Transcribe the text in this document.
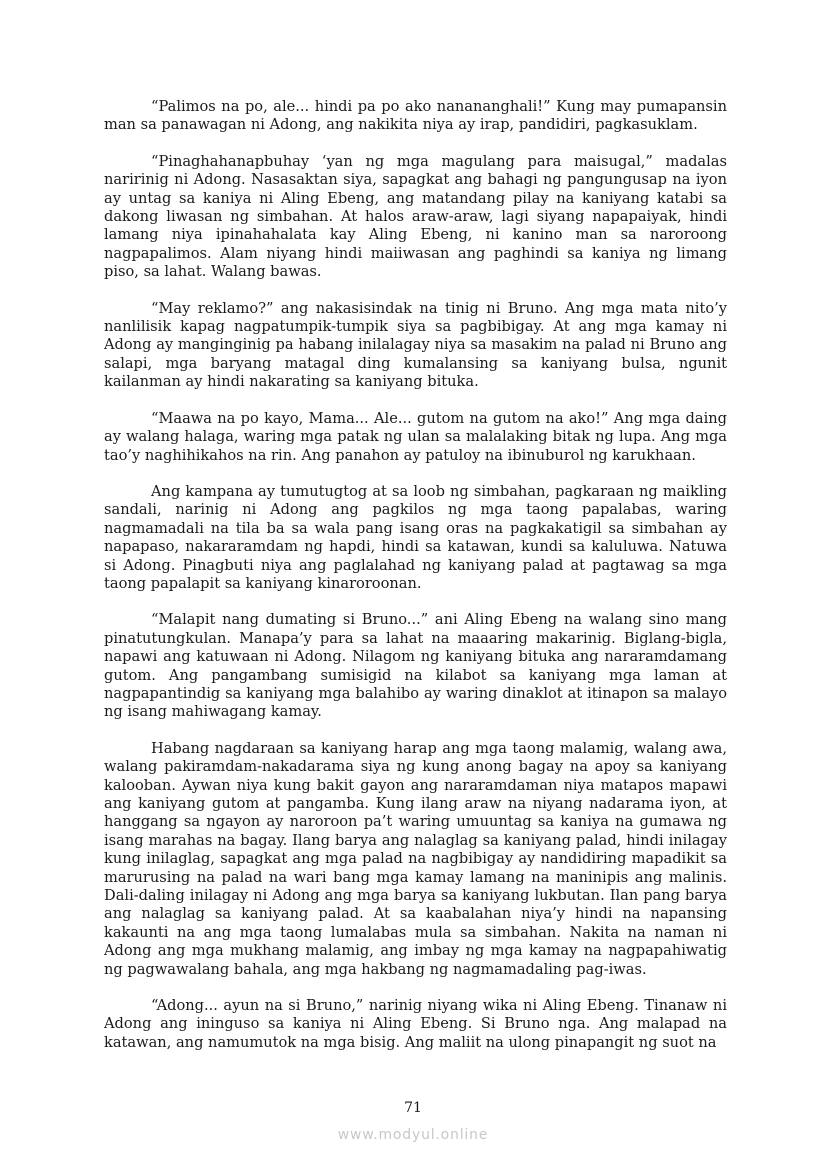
“Palimos na po, ale... hindi pa po ako nanananghali!” Kung may pumapansin man sa panawagan ni Adong, ang nakikita niya ay irap, pandidiri, pagkasuklam.

“Pinaghahanapbuhay ‘yan ng mga magulang para maisugal,” madalas naririnig ni Adong. Nasasaktan siya, sapagkat ang bahagi ng pangungusap na iyon ay untag sa kaniya ni Aling Ebeng, ang matandang pilay na kaniyang katabi sa dakong liwasan ng simbahan. At halos araw-araw, lagi siyang napapaiyak, hindi lamang niya ipinahahalata kay Aling Ebeng, ni kanino man sa naroroong nagpapalimos. Alam niyang hindi maiiwasan ang paghindi sa kaniya ng limang piso, sa lahat. Walang bawas.

“May reklamo?” ang nakasisindak na tinig ni Bruno. Ang mga mata nito’y nanlilisik kapag nagpatumpik-tumpik siya sa pagbibigay. At ang mga kamay ni Adong ay manginginig pa habang inilalagay niya sa masakim na palad ni Bruno ang salapi, mga baryang matagal ding kumalansing sa kaniyang bulsa, ngunit kailanman ay hindi nakarating sa kaniyang bituka.

“Maawa na po kayo, Mama... Ale... gutom na gutom na ako!” Ang mga daing ay walang halaga, waring mga patak ng ulan sa malalaking bitak ng lupa. Ang mga tao’y naghihikahos na rin. Ang panahon ay patuloy na ibinuburol ng karukhaan.

Ang kampana ay tumutugtog at sa loob ng simbahan, pagkaraan ng maikling sandali, narinig ni Adong ang pagkilos ng mga taong papalabas, waring nagmamadali na tila ba sa wala pang isang oras na pagkakatigil sa simbahan ay napapaso, nakararamdam ng hapdi, hindi sa katawan, kundi sa kaluluwa. Natuwa si Adong. Pinagbuti niya ang paglalahad ng kaniyang palad at pagtawag sa mga taong papalapit sa kaniyang kinaroroonan.

“Malapit nang dumating si Bruno...” ani Aling Ebeng na walang sino mang pinatutungkulan. Manapa’y para sa lahat na maaaring makarinig. Biglang-bigla, napawi ang katuwaan ni Adong. Nilagom ng kaniyang bituka ang nararamdamang gutom. Ang pangambang sumisigid na kilabot sa kaniyang mga laman at nagpapantindig sa kaniyang mga balahibo ay waring dinaklot at itinapon sa malayo ng isang mahiwagang kamay.

Habang nagdaraan sa kaniyang harap ang mga taong malamig, walang awa, walang pakiramdam-nakadarama siya ng kung anong bagay na apoy sa kaniyang kalooban. Aywan niya kung bakit gayon ang nararamdaman niya matapos mapawi ang kaniyang gutom at pangamba. Kung ilang araw na niyang nadarama iyon, at hanggang sa ngayon ay naroroon pa’t waring umuuntag sa kaniya na gumawa ng isang marahas na bagay. Ilang barya ang nalaglag sa kaniyang palad, hindi inilagay kung inilaglag, sapagkat ang mga palad na nagbibigay ay nandidiring mapadikit sa marurusing na palad na wari bang mga kamay lamang na maninipis ang malinis. Dali-daling inilagay ni Adong ang mga barya sa kaniyang lukbutan. Ilan pang barya ang nalaglag sa kaniyang palad. At sa kaabalahan niya’y hindi na napansing kakaunti na ang mga taong lumalabas mula sa simbahan. Nakita na naman ni Adong ang mga mukhang malamig, ang imbay ng mga kamay na nagpapahiwatig ng pagwawalang bahala, ang mga hakbang ng nagmamadaling pag-iwas.

“Adong... ayun na si Bruno,” narinig niyang wika ni Aling Ebeng. Tinanaw ni Adong ang ininguso sa kaniya ni Aling Ebeng. Si Bruno nga. Ang malapad na katawan, ang namumutok na mga bisig. Ang maliit na ulong pinapangit ng suot na

71
www.modyul.online
